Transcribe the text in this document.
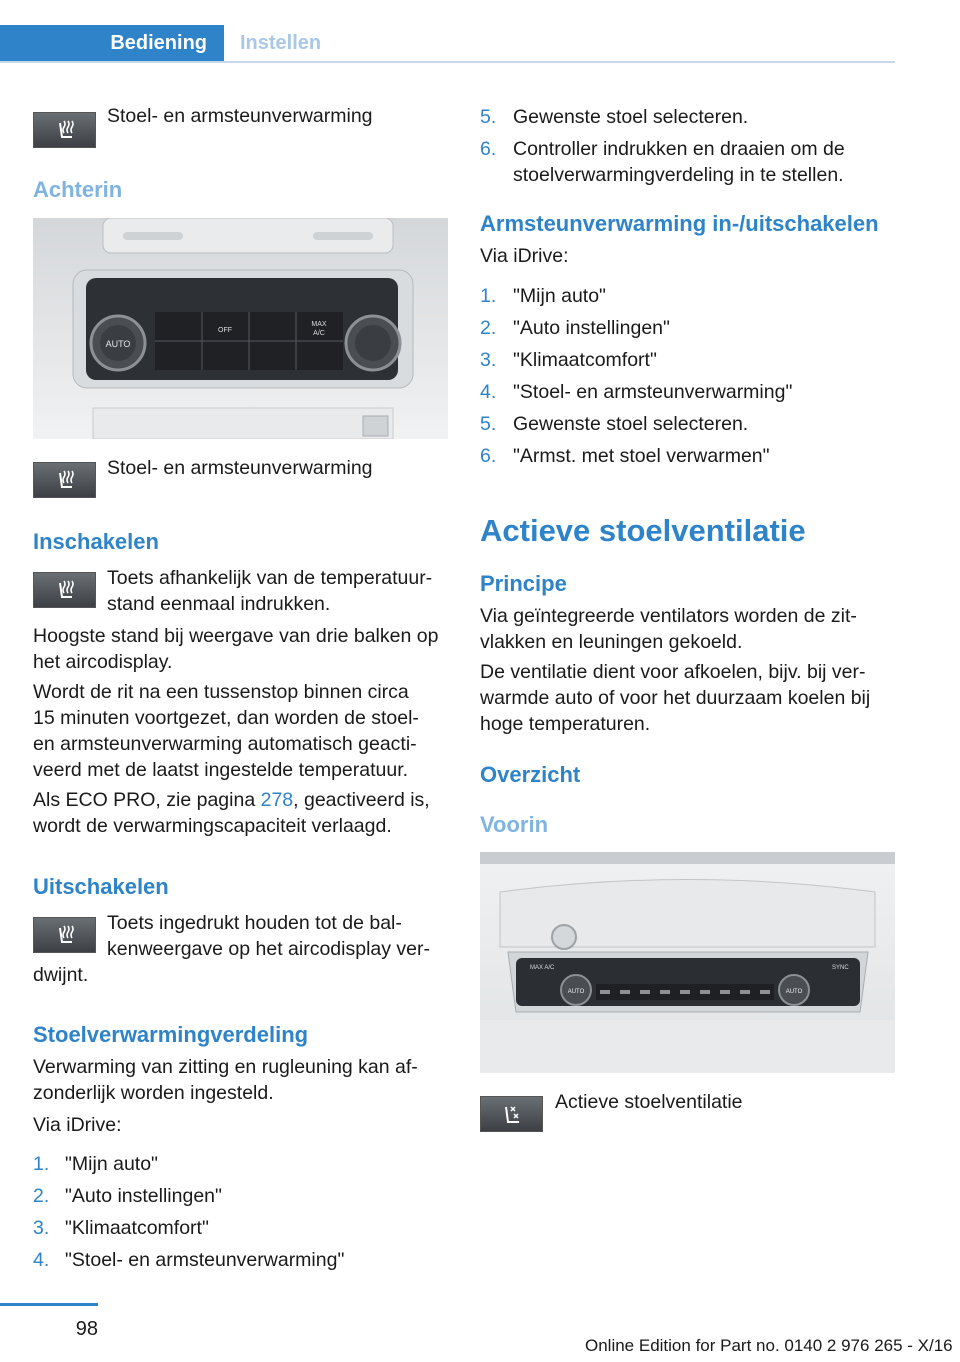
Bediening	Instellen
Stoel- en armsteunverwarming
Achterin
AUTO
OFF
MAX
A/C
Stoel- en armsteunverwarming
Inschakelen
Toets afhankelijk van de temperatuur-
stand eenmaal indrukken.
Hoogste stand bij weergave van drie balken op
het aircodisplay.
Wordt de rit na een tussenstop binnen circa
15 minuten voortgezet, dan worden de stoel-
en armsteunverwarming automatisch geacti-
veerd met de laatst ingestelde temperatuur.
Als ECO PRO, zie pagina 278, geactiveerd is,
wordt de verwarmingscapaciteit verlaagd.
Uitschakelen
Toets ingedrukt houden tot de bal-
kenweergave op het aircodisplay ver-
dwijnt.
Stoelverwarmingverdeling
Verwarming van zitting en rugleuning kan af-
zonderlijk worden ingesteld.
Via iDrive:
1. "Mijn auto"
2. "Auto instellingen"
3. "Klimaatcomfort"
4. "Stoel- en armsteunverwarming"
5. Gewenste stoel selecteren.
6. Controller indrukken en draaien om de
stoelverwarmingverdeling in te stellen.
Armsteunverwarming in-/uitschakelen
Via iDrive:
1. "Mijn auto"
2. "Auto instellingen"
3. "Klimaatcomfort"
4. "Stoel- en armsteunverwarming"
5. Gewenste stoel selecteren.
6. "Armst. met stoel verwarmen"
Actieve stoelventilatie
Principe
Via geïntegreerde ventilators worden de zit-
vlakken en leuningen gekoeld.
De ventilatie dient voor afkoelen, bijv. bij ver-
warmde auto of voor het duurzaam koelen bij
hoge temperaturen.
Overzicht
Voorin
MAX A/C	SYNC
AUTO	AUTO
Actieve stoelventilatie
98
Online Edition for Part no. 0140 2 976 265 - X/16
